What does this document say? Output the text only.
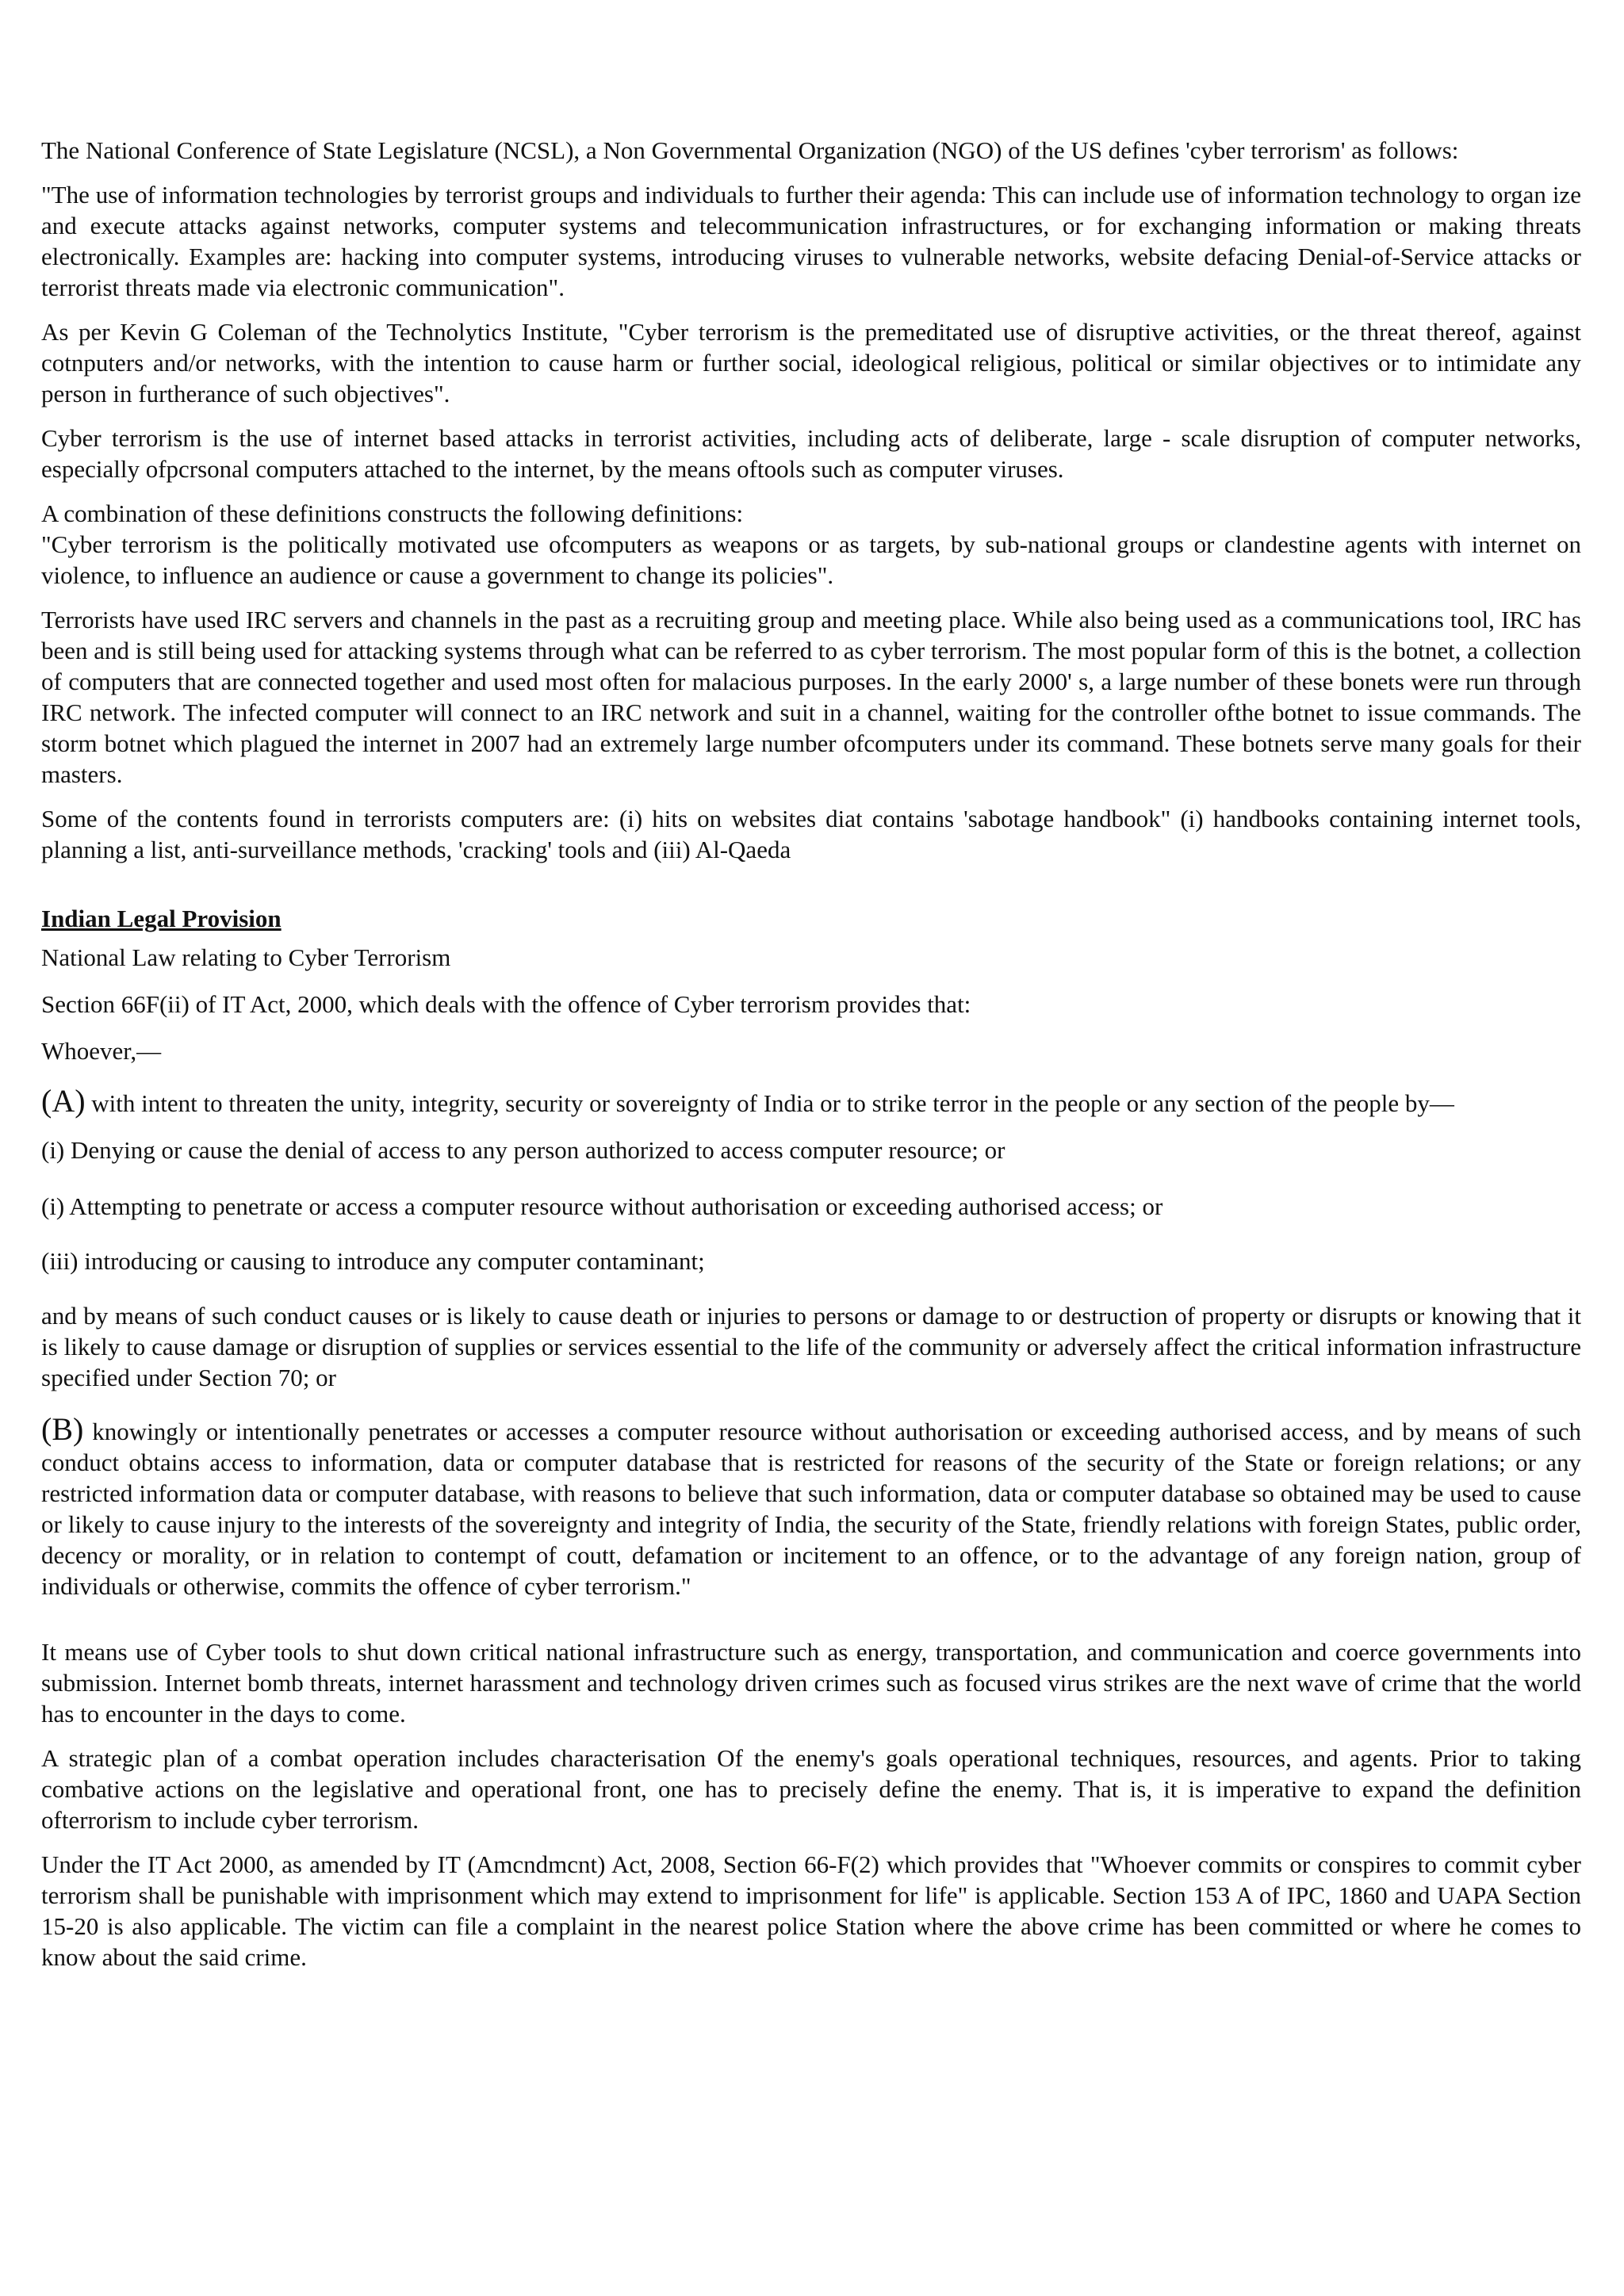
The National Conference of State Legislature (NCSL), a Non Governmental Organization (NGO) of the US defines 'cyber terrorism' as follows:

"The use of information technologies by terrorist groups and individuals to further their agenda: This can include use of information technology to organ ize and execute attacks against networks, computer systems and telecommunication infrastructures, or for exchanging information or making threats electronically. Examples are: hacking into computer systems, introducing viruses to vulnerable networks, website defacing Denial-of-Service attacks or terrorist threats made via electronic communication".

As per Kevin G Coleman of the Technolytics Institute, "Cyber terrorism is the premeditated use of disruptive activities, or the threat thereof, against cotnputers and/or networks, with the intention to cause harm or further social, ideological religious, political or similar objectives or to intimidate any person in furtherance of such objectives".

Cyber terrorism is the use of internet based attacks in terrorist activities, including acts of deliberate, large - scale disruption of computer networks, especially ofpcrsonal computers attached to the internet, by the means oftools such as computer viruses.

A combination of these definitions constructs the following definitions:

"Cyber terrorism is the politically motivated use ofcomputers as weapons or as targets, by sub-national groups or clandestine agents with internet on violence, to influence an audience or cause a government to change its policies".

Terrorists have used IRC servers and channels in the past as a recruiting group and meeting place. While also being used as a communications tool, IRC has been and is still being used for attacking systems through what can be referred to as cyber terrorism. The most popular form of this is the botnet, a collection of computers that are connected together and used most often for malacious purposes. In the early 2000' s, a large number of these bonets were run through IRC network. The infected computer will connect to an IRC network and suit in a channel, waiting for the controller ofthe botnet to issue commands. The storm botnet which plagued the internet in 2007 had an extremely large number ofcomputers under its command. These botnets serve many goals for their masters.

Some of the contents found in terrorists computers are: (i) hits on websites diat contains 'sabotage handbook" (i) handbooks containing internet tools, planning a list, anti-surveillance methods, 'cracking' tools and (iii) Al-Qaeda

Indian Legal Provision

National Law relating to Cyber Terrorism

Section 66F(ii) of IT Act, 2000, which deals with the offence of Cyber terrorism provides that:

Whoever,—

(A) with intent to threaten the unity, integrity, security or sovereignty of India or to strike terror in the people or any section of the people by—

(i) Denying or cause the denial of access to any person authorized to access computer resource; or

(i) Attempting to penetrate or access a computer resource without authorisation or exceeding authorised access; or

(iii) introducing or causing to introduce any computer contaminant;

and by means of such conduct causes or is likely to cause death or injuries to persons or damage to or destruction of property or disrupts or knowing that it is likely to cause damage or disruption of supplies or services essential to the life of the community or adversely affect the critical information infrastructure specified under Section 70; or

(B) knowingly or intentionally penetrates or accesses a computer resource without authorisation or exceeding authorised access, and by means of such conduct obtains access to information, data or computer database that is restricted for reasons of the security of the State or foreign relations; or any restricted information data or computer database, with reasons to believe that such information, data or computer database so obtained may be used to cause or likely to cause injury to the interests of the sovereignty and integrity of India, the security of the State, friendly relations with foreign States, public order, decency or morality, or in relation to contempt of coutt, defamation or incitement to an offence, or to the advantage of any foreign nation, group of individuals or otherwise, commits the offence of cyber terrorism."

It means use of Cyber tools to shut down critical national infrastructure such as energy, transportation, and communication and coerce governments into submission. Internet bomb threats, internet harassment and technology driven crimes such as focused virus strikes are the next wave of crime that the world has to encounter in the days to come.

A strategic plan of a combat operation includes characterisation Of the enemy's goals operational techniques, resources, and agents. Prior to taking combative actions on the legislative and operational front, one has to precisely define the enemy. That is, it is imperative to expand the definition ofterrorism to include cyber terrorism.

Under the IT Act 2000, as amended by IT (Amcndmcnt) Act, 2008, Section 66-F(2) which provides that "Whoever commits or conspires to commit cyber terrorism shall be punishable with imprisonment which may extend to imprisonment for life" is applicable. Section 153 A of IPC, 1860 and UAPA Section 15-20 is also applicable. The victim can file a complaint in the nearest police Station where the above crime has been committed or where he comes to know about the said crime.
